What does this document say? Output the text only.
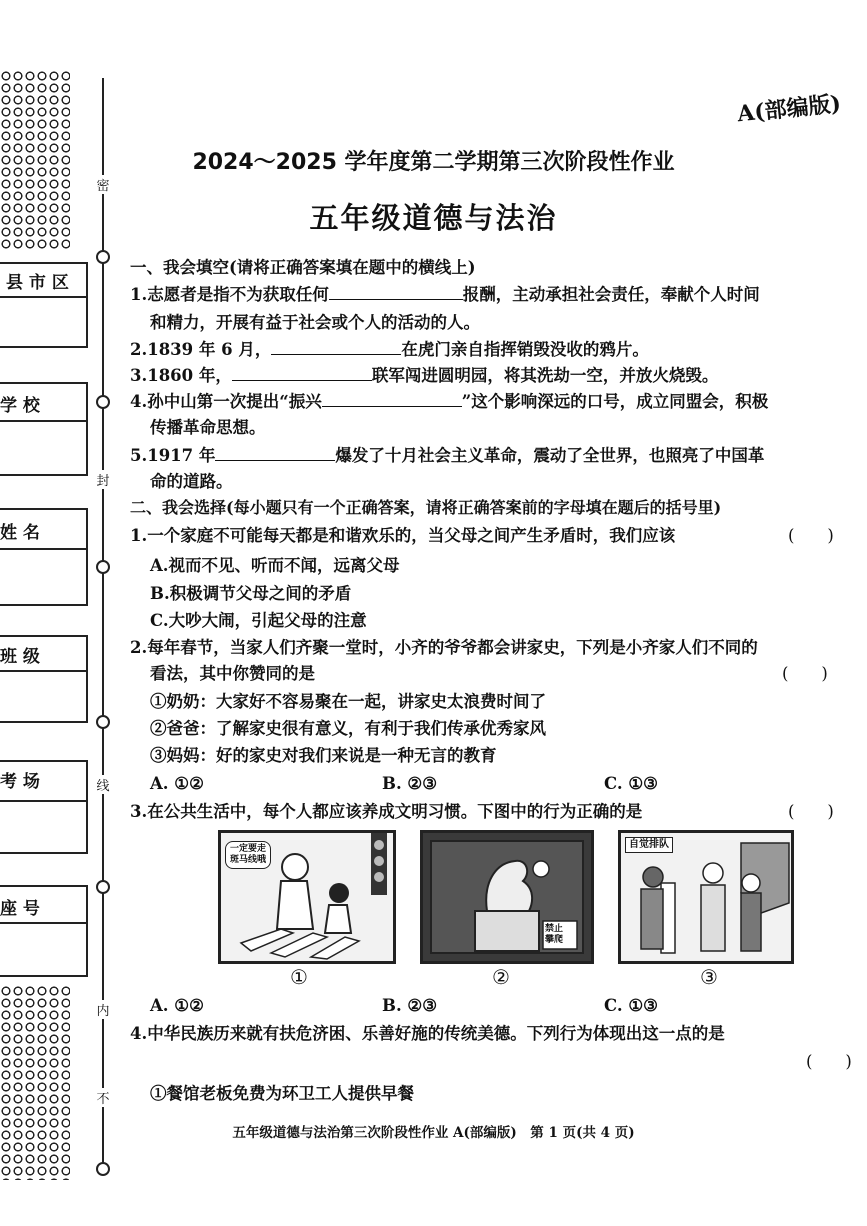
县 市 区
学 校
姓 名
班 级
考 场
座 号
密
封
线
内
不
A(部编版)
2024～2025 学年度第二学期第三次阶段性作业
五年级道德与法治
一、我会填空(请将正确答案填在题中的横线上)
1.志愿者是指不为获取任何	报酬，主动承担社会责任，奉献个人时间
和精力，开展有益于社会或个人的活动的人。
2.1839 年 6 月，	在虎门亲自指挥销毁没收的鸦片。
3.1860 年，	联军闯进圆明园，将其洗劫一空，并放火烧毁。
4.孙中山第一次提出“振兴	”这个影响深远的口号，成立同盟会，积极
传播革命思想。
5.1917 年	爆发了十月社会主义革命，震动了全世界，也照亮了中国革
命的道路。
二、我会选择(每小题只有一个正确答案，请将正确答案前的字母填在题后的括号里)
1.一个家庭不可能每天都是和谐欢乐的，当父母之间产生矛盾时，我们应该	(　　)
A.视而不见、听而不闻，远离父母
B.积极调节父母之间的矛盾
C.大吵大闹，引起父母的注意
2.每年春节，当家人们齐聚一堂时，小齐的爷爷都会讲家史，下列是小齐家人们不同的
看法，其中你赞同的是	(　　)
①奶奶：大家好不容易聚在一起，讲家史太浪费时间了
②爸爸：了解家史很有意义，有利于我们传承优秀家风
③妈妈：好的家史对我们来说是一种无言的教育
A. ①②	B. ②③	C. ①③
3.在公共生活中，每个人都应该养成文明习惯。下图中的行为正确的是	(　　)
一定要走
斑马线哦
禁止
攀爬
自觉排队
①	②	③
A. ①②	B. ②③	C. ①③
4.中华民族历来就有扶危济困、乐善好施的传统美德。下列行为体现出这一点的是
(　　)
①餐馆老板免费为环卫工人提供早餐
五年级道德与法治第三次阶段性作业 A(部编版)　第 1 页(共 4 页)
